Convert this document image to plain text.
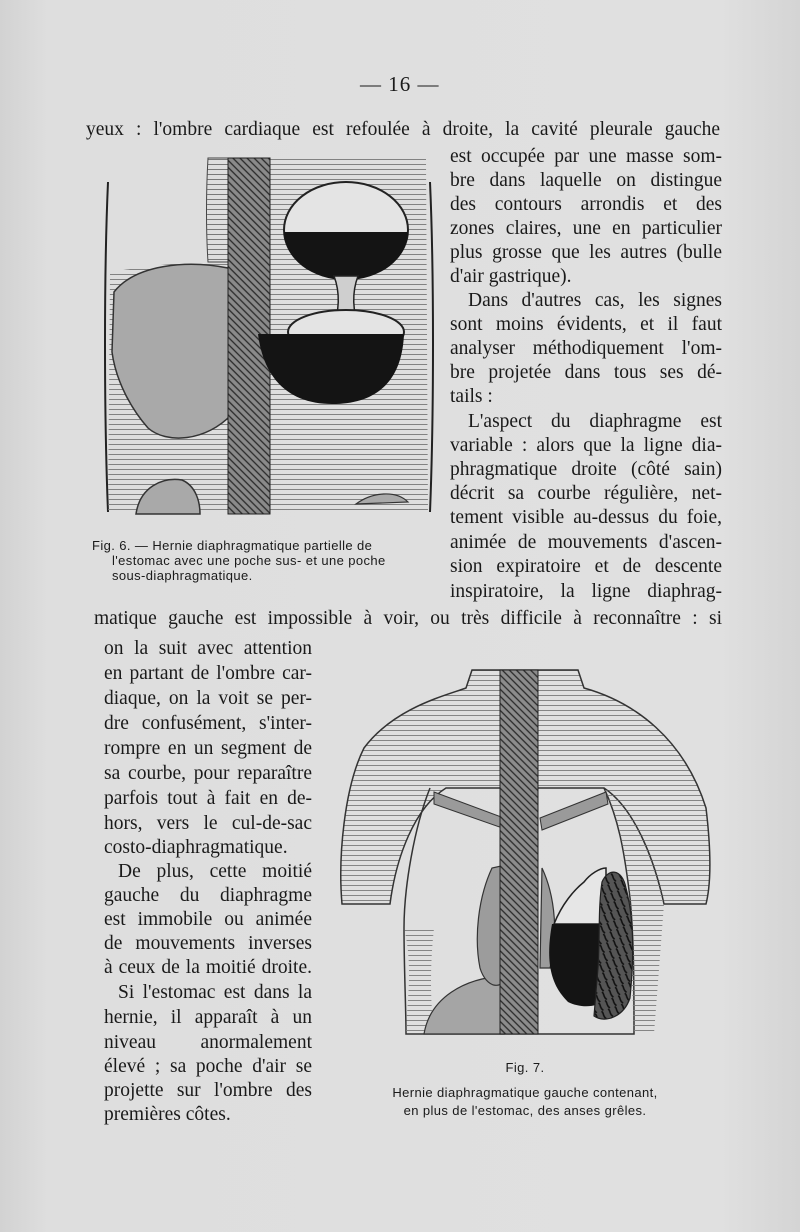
— 16 —
yeux : l'ombre cardiaque est refoulée à droite, la cavité pleurale gauche
est occupée par une masse som-
bre dans laquelle on distingue
des contours arrondis et des
zones claires, une en particulier
plus grosse que les autres (bulle
d'air gastrique).
Dans d'autres cas, les signes
sont moins évidents, et il faut
analyser méthodiquement l'om-
bre projetée dans tous ses dé-
tails :
L'aspect du diaphragme est
variable : alors que la ligne dia-
phragmatique droite (côté sain)
décrit sa courbe régulière, net-
tement visible au-dessus du foie,
animée de mouvements d'ascen-
sion expiratoire et de descente
inspiratoire, la ligne diaphrag-
Fig. 6. — Hernie diaphragmatique partielle de
l'estomac avec une poche sus- et une poche
sous-diaphragmatique.
matique gauche est impossible à voir, ou très difficile à reconnaître : si
on la suit avec attention
en partant de l'ombre car-
diaque, on la voit se per-
dre confusément, s'inter-
rompre en un segment de
sa courbe, pour reparaître
parfois tout à fait en de-
hors, vers le cul-de-sac
costo-diaphragmatique.
De plus, cette moitié
gauche du diaphragme
est immobile ou animée
de mouvements inverses
à ceux de la moitié droite.
Si l'estomac est dans la
hernie, il apparaît à un
niveau anormalement
élevé ; sa poche d'air se
projette sur l'ombre des
premières côtes.
Fig. 7.
Hernie diaphragmatique gauche contenant,
en plus de l'estomac, des anses grêles.
